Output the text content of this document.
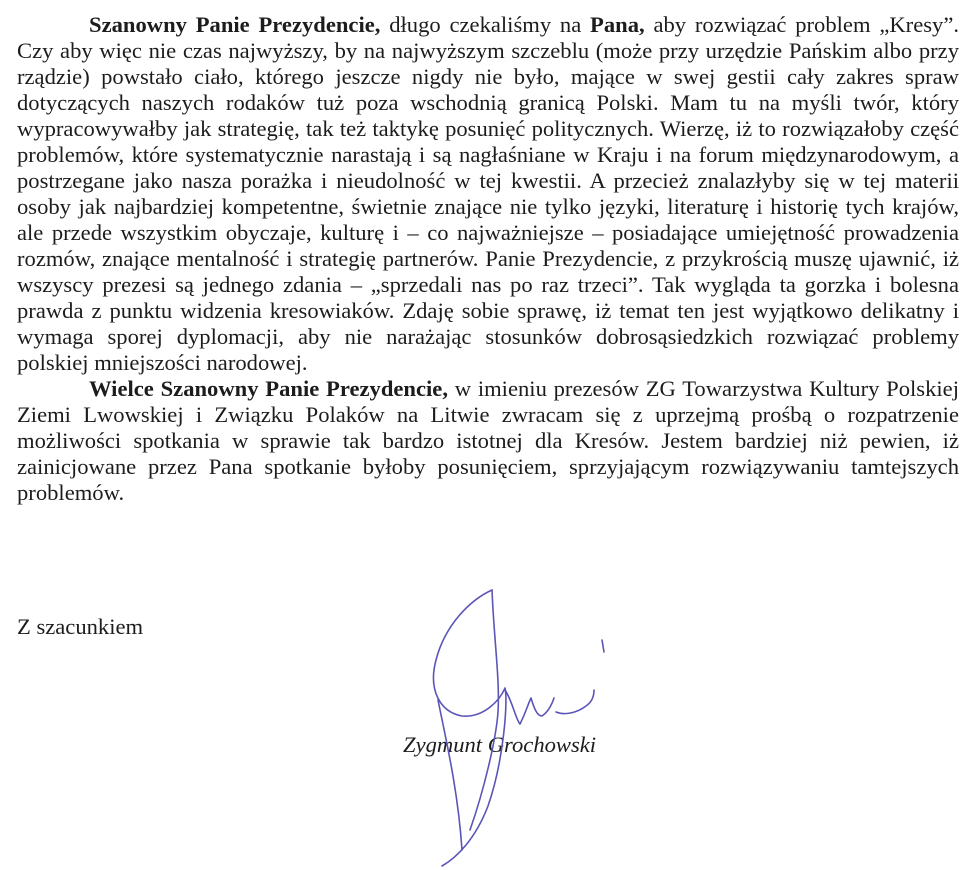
Szanowny Panie Prezydencie, długo czekaliśmy na Pana, aby rozwiązać problem „Kresy”. Czy aby więc nie czas najwyższy, by na najwyższym szczeblu (może przy urzędzie Pańskim albo przy rządzie) powstało ciało, którego jeszcze nigdy nie było, mające w swej gestii cały zakres spraw dotyczących naszych rodaków tuż poza wschodnią granicą Polski. Mam tu na myśli twór, który wypracowywałby jak strategię, tak też taktykę posunięć politycznych. Wierzę, iż to rozwiązałoby część problemów, które systematycznie narastają i są nagłaśniane w Kraju i na forum międzynarodowym, a postrzegane jako nasza porażka i nieudolność w tej kwestii. A przecież znalazłyby się w tej materii osoby jak najbardziej kompetentne, świetnie znające nie tylko języki, literaturę i historię tych krajów, ale przede wszystkim obyczaje, kulturę i – co najważniejsze – posiadające umiejętność prowadzenia rozmów, znające mentalność i strategię partnerów. Panie Prezydencie, z przykrością muszę ujawnić, iż wszyscy prezesi są jednego zdania – „sprzedali nas po raz trzeci”. Tak wygląda ta gorzka i bolesna prawda z punktu widzenia kresowiaków. Zdaję sobie sprawę, iż temat ten jest wyjątkowo delikatny i wymaga sporej dyplomacji, aby nie narażając stosunków dobrosąsiedzkich rozwiązać problemy polskiej mniejszości narodowej.

Wielce Szanowny Panie Prezydencie, w imieniu prezesów ZG Towarzystwa Kultury Polskiej Ziemi Lwowskiej i Związku Polaków na Litwie zwracam się z uprzejmą prośbą o rozpatrzenie możliwości spotkania w sprawie tak bardzo istotnej dla Kresów. Jestem bardziej niż pewien, iż zainicjowane przez Pana spotkanie byłoby posunięciem, sprzyjającym rozwiązywaniu tamtejszych problemów.

Z szacunkiem

Zygmunt Grochowski
